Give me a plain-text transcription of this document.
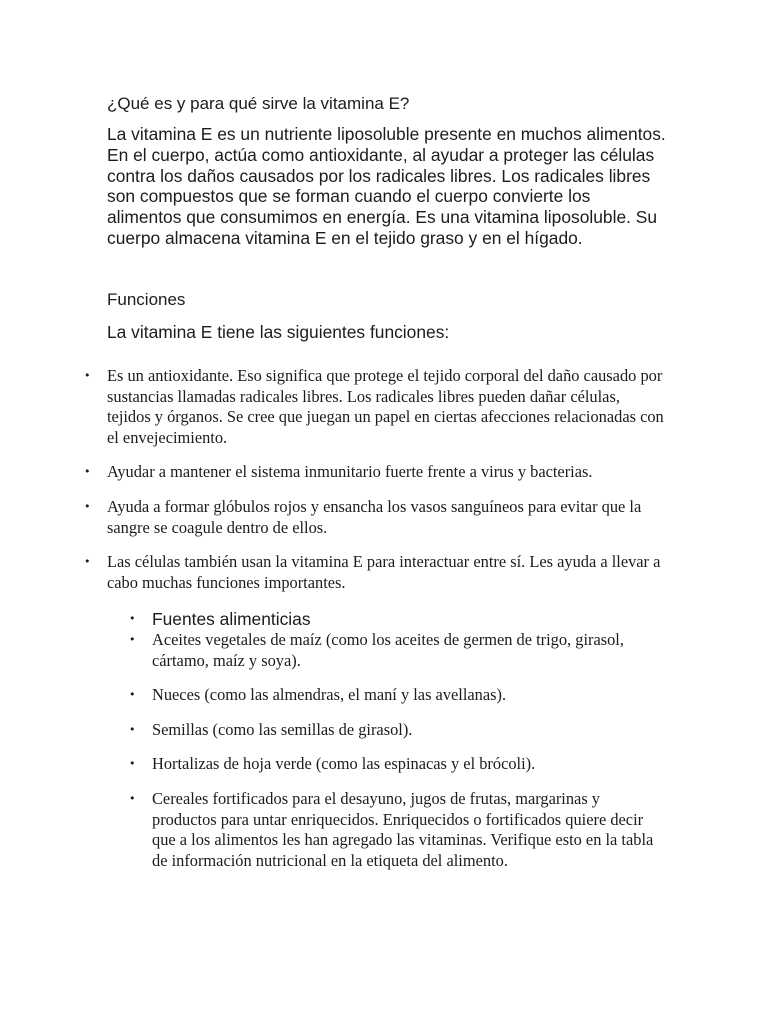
¿Qué es y para qué sirve la vitamina E?

La vitamina E es un nutriente liposoluble presente en muchos alimentos. En el cuerpo, actúa como antioxidante, al ayudar a proteger las células contra los daños causados por los radicales libres. Los radicales libres son compuestos que se forman cuando el cuerpo convierte los alimentos que consumimos en energía. Es una vitamina liposoluble. Su cuerpo almacena vitamina E en el tejido graso y en el hígado.

Funciones

La vitamina E tiene las siguientes funciones:

• Es un antioxidante. Eso significa que protege el tejido corporal del daño causado por sustancias llamadas radicales libres. Los radicales libres pueden dañar células, tejidos y órganos. Se cree que juegan un papel en ciertas afecciones relacionadas con el envejecimiento.
• Ayudar a mantener el sistema inmunitario fuerte frente a virus y bacterias.
• Ayuda a formar glóbulos rojos y ensancha los vasos sanguíneos para evitar que la sangre se coagule dentro de ellos.
• Las células también usan la vitamina E para interactuar entre sí. Les ayuda a llevar a cabo muchas funciones importantes.
• Fuentes alimenticias
• Aceites vegetales de maíz (como los aceites de germen de trigo, girasol, cártamo, maíz y soya).
• Nueces (como las almendras, el maní y las avellanas).
• Semillas (como las semillas de girasol).
• Hortalizas de hoja verde (como las espinacas y el brócoli).
• Cereales fortificados para el desayuno, jugos de frutas, margarinas y productos para untar enriquecidos. Enriquecidos o fortificados quiere decir que a los alimentos les han agregado las vitaminas. Verifique esto en la tabla de información nutricional en la etiqueta del alimento.
